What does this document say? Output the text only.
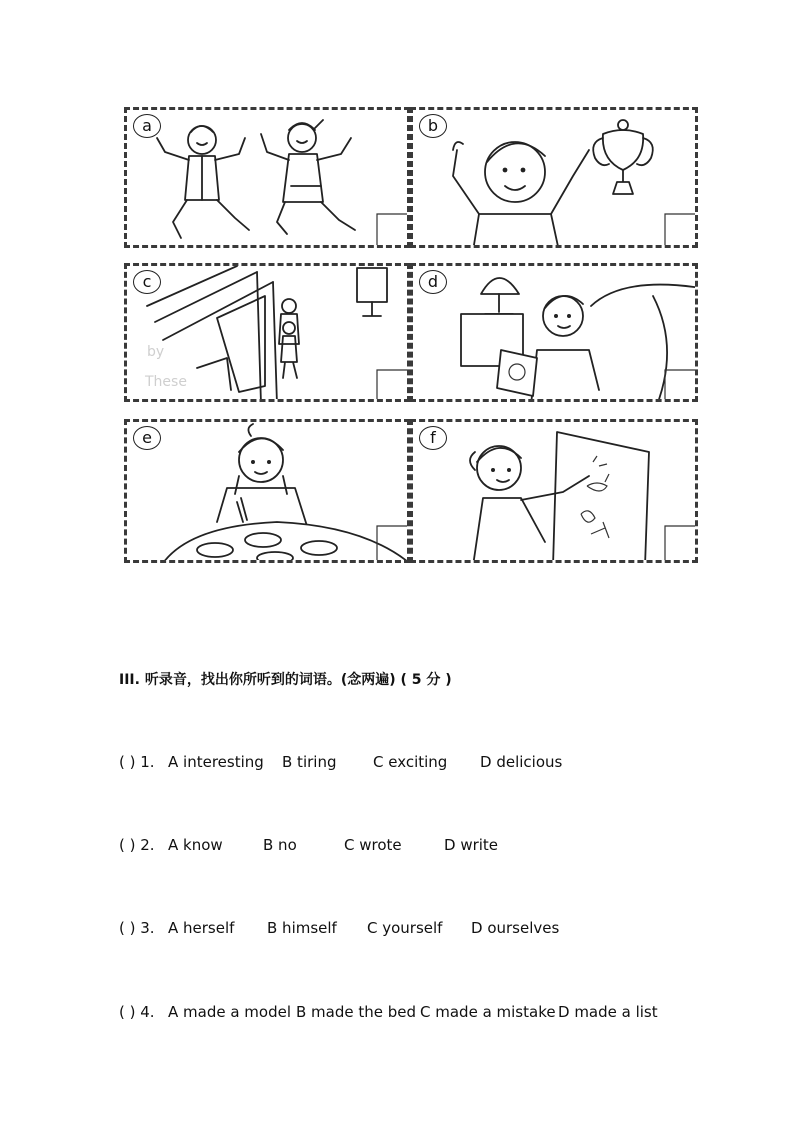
a	b
c
These
by
d
e	f
III. 听录音，找出你所听到的词语。(念两遍) ( 5 分 )
( ) 1. A interesting B tiring C exciting D delicious
( ) 2. A know	B no	C wrote	D write
( ) 3. A herself B himself C yourself D ourselves
( ) 4. A made a model B made the bed C made a mistake D made a list
